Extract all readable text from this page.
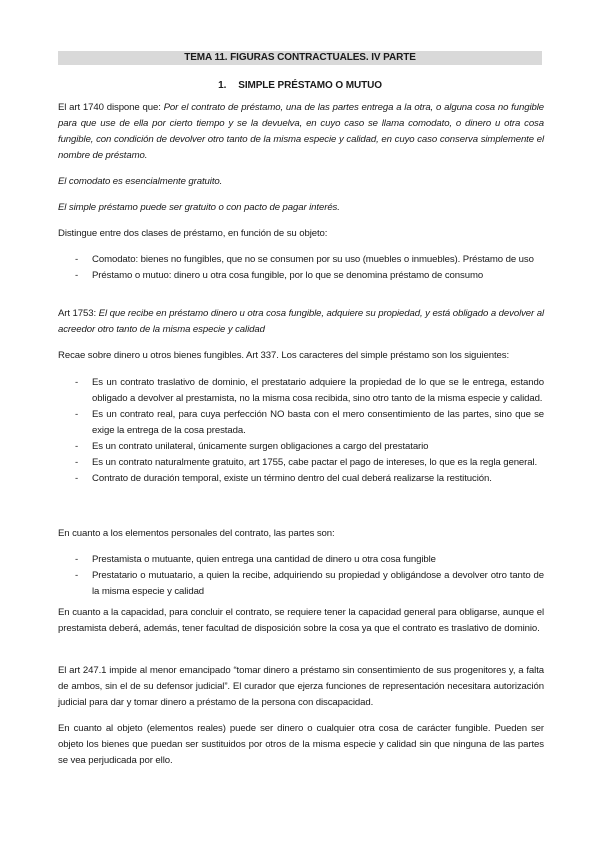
TEMA 11. FIGURAS CONTRACTUALES. IV PARTE
1. SIMPLE PRÉSTAMO O MUTUO

El art 1740 dispone que: Por el contrato de préstamo, una de las partes entrega a la otra, o alguna cosa no fungible para que use de ella por cierto tiempo y se la devuelva, en cuyo caso se llama comodato, o dinero u otra cosa fungible, con condición de devolver otro tanto de la misma especie y calidad, en cuyo caso conserva simplemente el nombre de préstamo.

El comodato es esencialmente gratuito.

El simple préstamo puede ser gratuito o con pacto de pagar interés.

Distingue entre dos clases de préstamo, en función de su objeto:

- Comodato: bienes no fungibles, que no se consumen por su uso (muebles o inmuebles). Préstamo de uso
- Préstamo o mutuo: dinero u otra cosa fungible, por lo que se denomina préstamo de consumo

Art 1753: El que recibe en préstamo dinero u otra cosa fungible, adquiere su propiedad, y está obligado a devolver al acreedor otro tanto de la misma especie y calidad

Recae sobre dinero u otros bienes fungibles. Art 337. Los caracteres del simple préstamo son los siguientes:

- Es un contrato traslativo de dominio, el prestatario adquiere la propiedad de lo que se le entrega, estando obligado a devolver al prestamista, no la misma cosa recibida, sino otro tanto de la misma especie y calidad.
- Es un contrato real, para cuya perfección NO basta con el mero consentimiento de las partes, sino que se exige la entrega de la cosa prestada.
- Es un contrato unilateral, únicamente surgen obligaciones a cargo del prestatario
- Es un contrato naturalmente gratuito, art 1755, cabe pactar el pago de intereses, lo que es la regla general.
- Contrato de duración temporal, existe un término dentro del cual deberá realizarse la restitución.

En cuanto a los elementos personales del contrato, las partes son:

- Prestamista o mutuante, quien entrega una cantidad de dinero u otra cosa fungible
- Prestatario o mutuatario, a quien la recibe, adquiriendo su propiedad y obligándose a devolver otro tanto de la misma especie y calidad

En cuanto a la capacidad, para concluir el contrato, se requiere tener la capacidad general para obligarse, aunque el prestamista deberá, además, tener facultad de disposición sobre la cosa ya que el contrato es traslativo de dominio.

El art 247.1 impide al menor emancipado “tomar dinero a préstamo sin consentimiento de sus progenitores y, a falta de ambos, sin el de su defensor judicial”. El curador que ejerza funciones de representación necesitara autorización judicial para dar y tomar dinero a préstamo de la persona con discapacidad.

En cuanto al objeto (elementos reales) puede ser dinero o cualquier otra cosa de carácter fungible. Pueden ser objeto los bienes que puedan ser sustituidos por otros de la misma especie y calidad sin que ninguna de las partes se vea perjudicada por ello.
